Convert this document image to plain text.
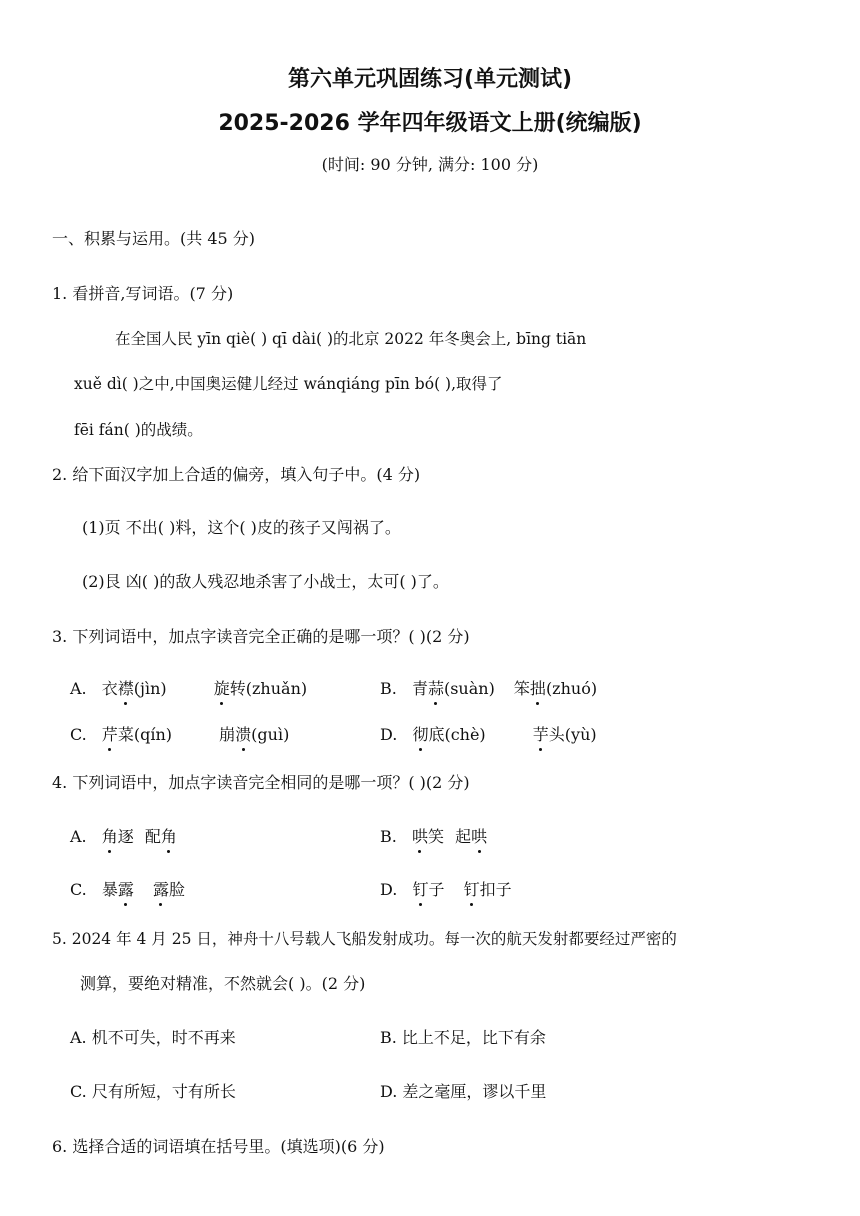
第六单元巩固练习(单元测试)
2025-2026 学年四年级语文上册(统编版)
(时间: 90 分钟, 满分: 100 分)
一、积累与运用。(共 45 分)
1. 看拼音,写词语。(7 分)
在全国人民 yīn qiè( ) qī dài( )的北京 2022 年冬奥会上, bīng tiān
xuě dì( )之中,中国奥运健儿经过 wánqiáng pīn bó( ),取得了
fēi fán( )的战绩。
2. 给下面汉字加上合适的偏旁，填入句子中。(4 分)
(1)页 不出( )料，这个( )皮的孩子又闯祸了。
(2)艮 凶( )的敌人残忍地杀害了小战士，太可( )了。
3. 下列词语中，加点字读音完全正确的是哪一项？( )(2 分)
A. 衣襟(jìn)	旋转(zhuǎn)	B. 青蒜(suàn) 笨拙(zhuó)
C. 芹菜(qín)	崩溃(guì)	D. 彻底(chè)	芋头(yù)
4. 下列词语中，加点字读音完全相同的是哪一项？( )(2 分)
A. 角逐 配角	B. 哄笑 起哄
C. 暴露 露脸	D. 钉子 钉扣子
5. 2024 年 4 月 25 日，神舟十八号载人飞船发射成功。每一次的航天发射都要经过严密的
测算，要绝对精准，不然就会( )。(2 分)
A. 机不可失，时不再来	B. 比上不足，比下有余
C. 尺有所短，寸有所长	D. 差之毫厘，谬以千里
6. 选择合适的词语填在括号里。(填选项)(6 分)
